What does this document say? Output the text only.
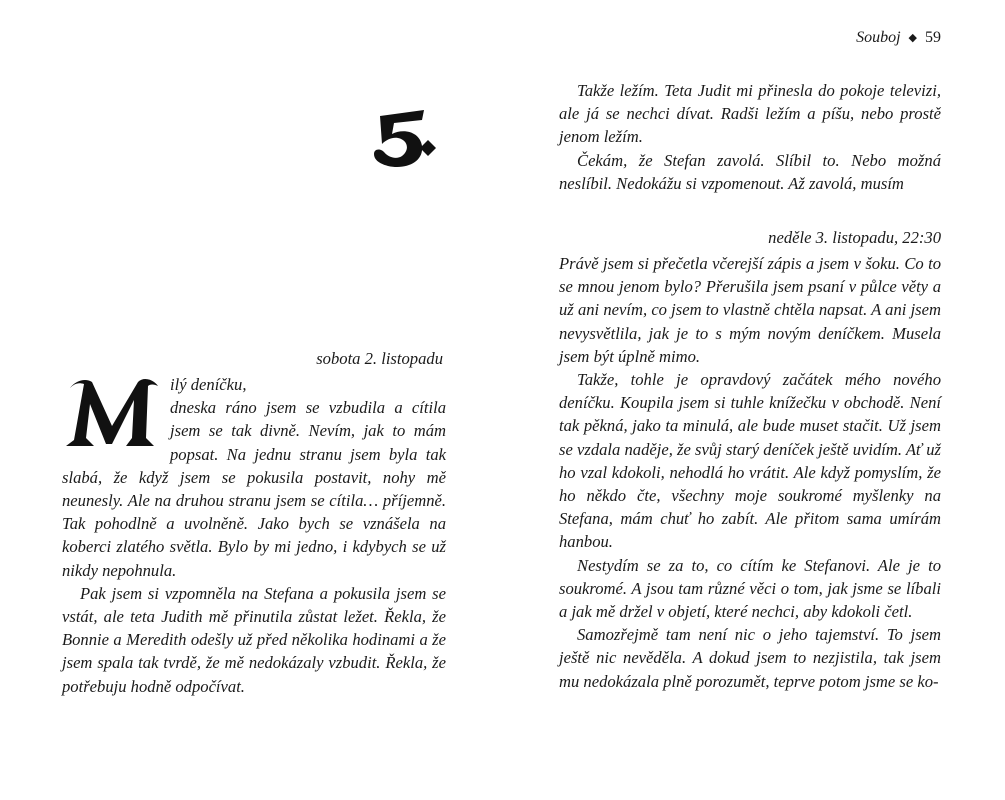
5.
sobota 2. listopadu
M	ilý deníčku,

dneska ráno jsem se vzbudila a cítila jsem se tak divně. Nevím, jak to mám popsat. Na jednu stranu jsem byla tak slabá, že když jsem se pokusila postavit, nohy mě neunesly. Ale na druhou stranu jsem se cítila… příjemně. Tak pohodlně a uvolněně. Jako bych se vznášela na koberci zlatého světla. Bylo by mi jedno, i kdybych se už nikdy nepohnula.

Pak jsem si vzpomněla na Stefana a pokusila jsem se vstát, ale teta Judith mě přinutila zůstat ležet. Řekla, že Bonnie a Meredith odešly už před několika hodinami a že jsem spala tak tvrdě, že mě nedokázaly vzbudit. Řekla, že potřebuju hodně odpočívat.

Souboj ◆ 59

Takže ležím. Teta Judit mi přinesla do pokoje televizi, ale já se nechci dívat. Radši ležím a píšu, nebo prostě jenom ležím.

Čekám, že Stefan zavolá. Slíbil to. Nebo možná neslíbil. Nedokážu si vzpomenout. Až zavolá, musím

neděle 3. listopadu, 22:30

Právě jsem si přečetla včerejší zápis a jsem v šoku. Co to se mnou jenom bylo? Přerušila jsem psaní v půlce věty a už ani nevím, co jsem to vlastně chtěla napsat. A ani jsem nevysvětlila, jak je to s mým novým deníčkem. Musela jsem být úplně mimo.

Takže, tohle je opravdový začátek mého nového deníčku. Koupila jsem si tuhle knížečku v obchodě. Není tak pěkná, jako ta minulá, ale bude muset stačit. Už jsem se vzdala naděje, že svůj starý deníček ještě uvidím. Ať už ho vzal kdokoli, nehodlá ho vrátit. Ale když pomyslím, že ho někdo čte, všechny moje soukromé myšlenky na Stefana, mám chuť ho zabít. Ale přitom sama umírám hanbou.

Nestydím se za to, co cítím ke Stefanovi. Ale je to soukromé. A jsou tam různé věci o tom, jak jsme se líbali a jak mě držel v objetí, které nechci, aby kdokoli četl.

Samozřejmě tam není nic o jeho tajemství. To jsem ještě nic nevěděla. A dokud jsem to nezjistila, tak jsem mu nedokázala plně porozumět, teprve potom jsme se ko-
